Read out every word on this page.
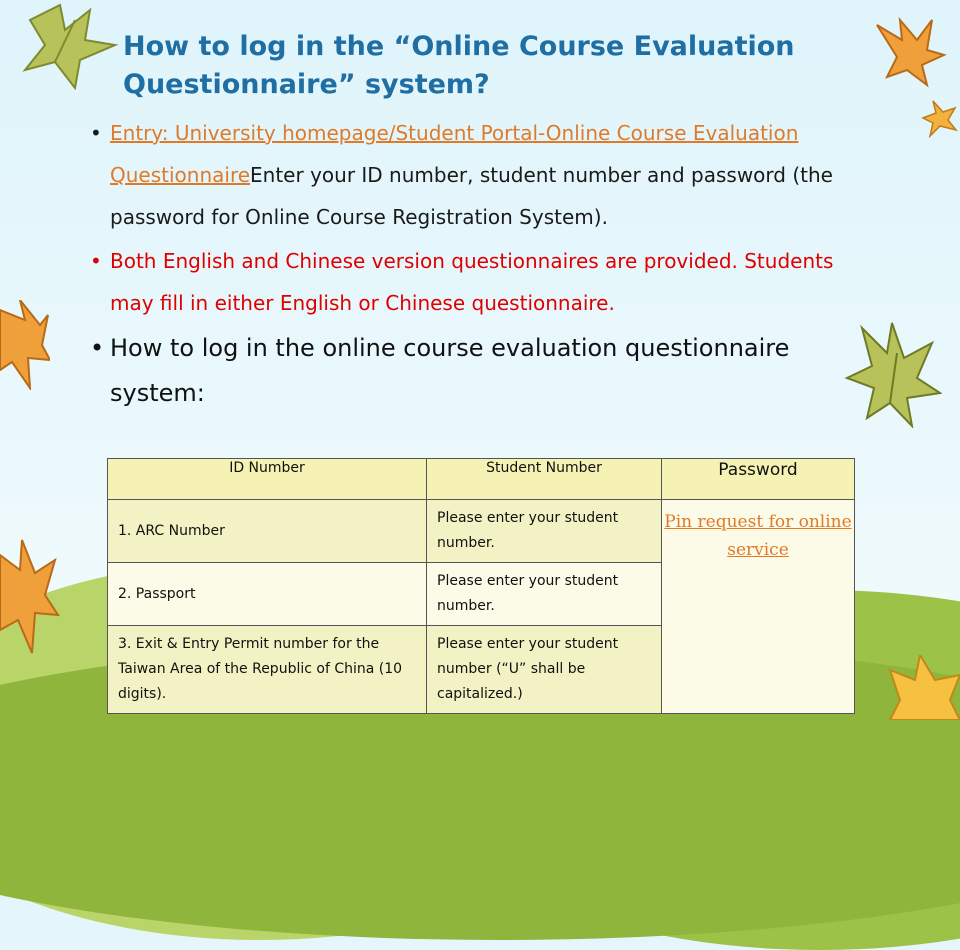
How to log in the “Online Course Evaluation Questionnaire” system?
• Entry: University homepage/Student Portal-Online Course Evaluation QuestionnaireEnter your ID number, student number and password (the password for Online Course Registration System).
• Both English and Chinese version questionnaires are provided. Students may fill in either English or Chinese questionnaire.
• How to log in the online course evaluation questionnaire system:
ID Number	Student Number	Password
1. ARC Number	Please enter your student number.	Pin request for online service
2. Passport	Please enter your student number.	
3. Exit & Entry Permit number for the Taiwan Area of the Republic of China (10 digits).	Please enter your student number (“U” shall be capitalized.)	
